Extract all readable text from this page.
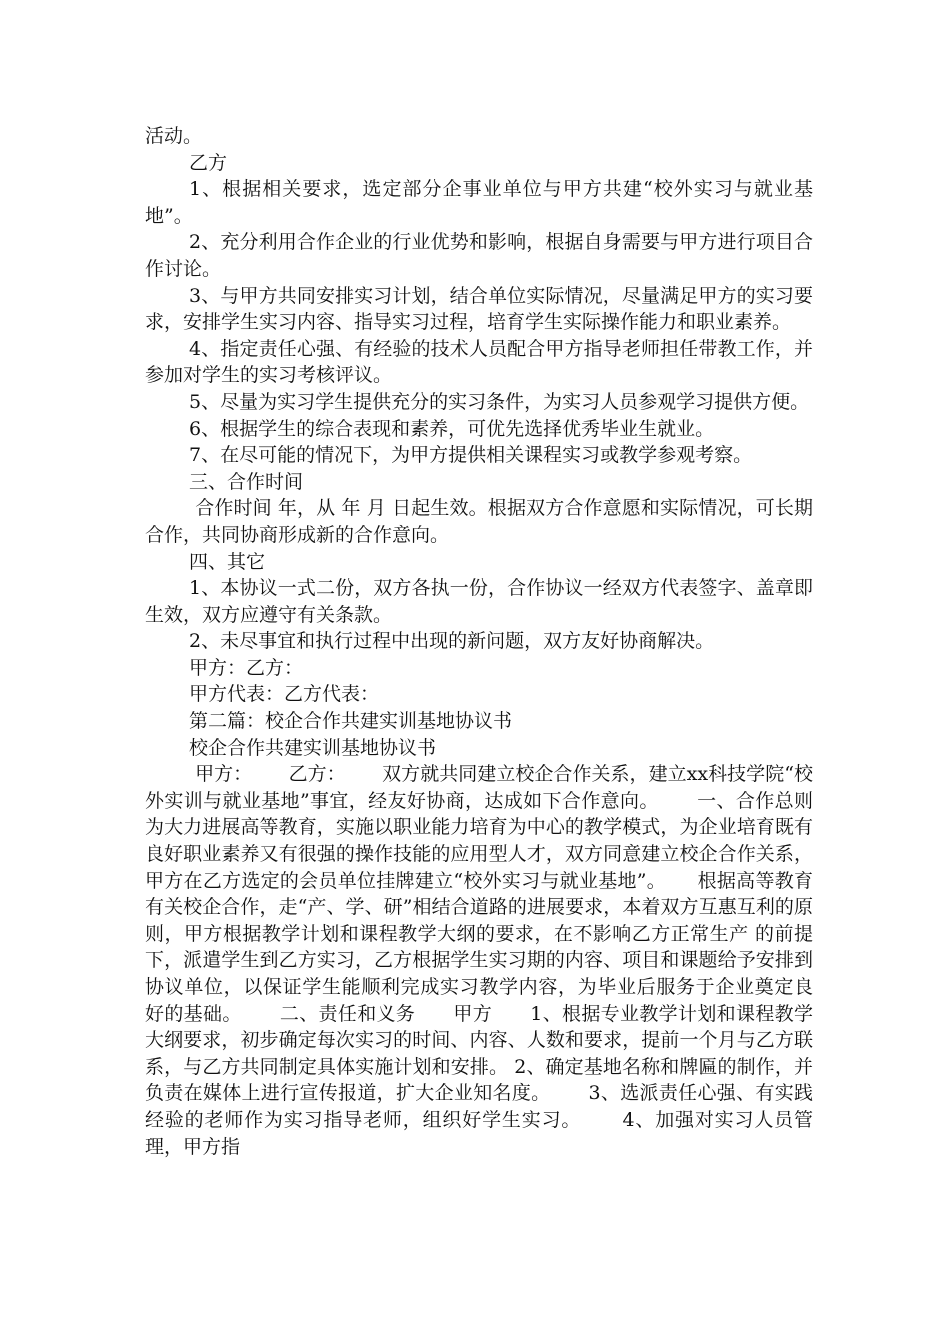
活动。

乙方

1、根据相关要求，选定部分企事业单位与甲方共建“校外实习与就业基地”。

2、充分利用合作企业的行业优势和影响，根据自身需要与甲方进行项目合作讨论。

3、与甲方共同安排实习计划，结合单位实际情况，尽量满足甲方的实习要求，安排学生实习内容、指导实习过程，培育学生实际操作能力和职业素养。

4、指定责任心强、有经验的技术人员配合甲方指导老师担任带教工作，并参加对学生的实习考核评议。

5、尽量为实习学生提供充分的实习条件，为实习人员参观学习提供方便。

6、根据学生的综合表现和素养，可优先选择优秀毕业生就业。

7、在尽可能的情况下，为甲方提供相关课程实习或教学参观考察。

三、合作时间

合作时间 年，从 年 月 日起生效。根据双方合作意愿和实际情况，可长期合作，共同协商形成新的合作意向。

四、其它

1、本协议一式二份，双方各执一份，合作协议一经双方代表签字、盖章即生效，双方应遵守有关条款。

2、未尽事宜和执行过程中出现的新问题，双方友好协商解决。

甲方：乙方：

甲方代表：乙方代表：

第二篇：校企合作共建实训基地协议书

校企合作共建实训基地协议书

甲方：      乙方：      双方就共同建立校企合作关系，建立xx科技学院“校外实训与就业基地”事宜，经友好协商，达成如下合作意向。      一、合作总则      为大力进展高等教育，实施以职业能力培育为中心的教学模式，为企业培育既有良好职业素养又有很强的操作技能的应用型人才，双方同意建立校企合作关系，甲方在乙方选定的会员单位挂牌建立“校外实习与就业基地”。     根据高等教育有关校企合作，走“产、学、研”相结合道路的进展要求，本着双方互惠互利的原则，甲方根据教学计划和课程教学大纲的要求，在不影响乙方正常生产 的前提下，派遣学生到乙方实习，乙方根据学生实习期的内容、项目和课题给予安排到协议单位，以保证学生能顺利完成实习教学内容，为毕业后服务于企业奠定良 好的基础。      二、责任和义务      甲方      1、根据专业教学计划和课程教学大纲要求，初步确定每次实习的时间、内容、人数和要求，提前一个月与乙方联系，与乙方共同制定具体实施计划和安排。 2、确定基地名称和牌匾的制作，并负责在媒体上进行宣传报道，扩大企业知名度。      3、选派责任心强、有实践经验的老师作为实习指导老师，组织好学生实习。      4、加强对实习人员管理，甲方指
